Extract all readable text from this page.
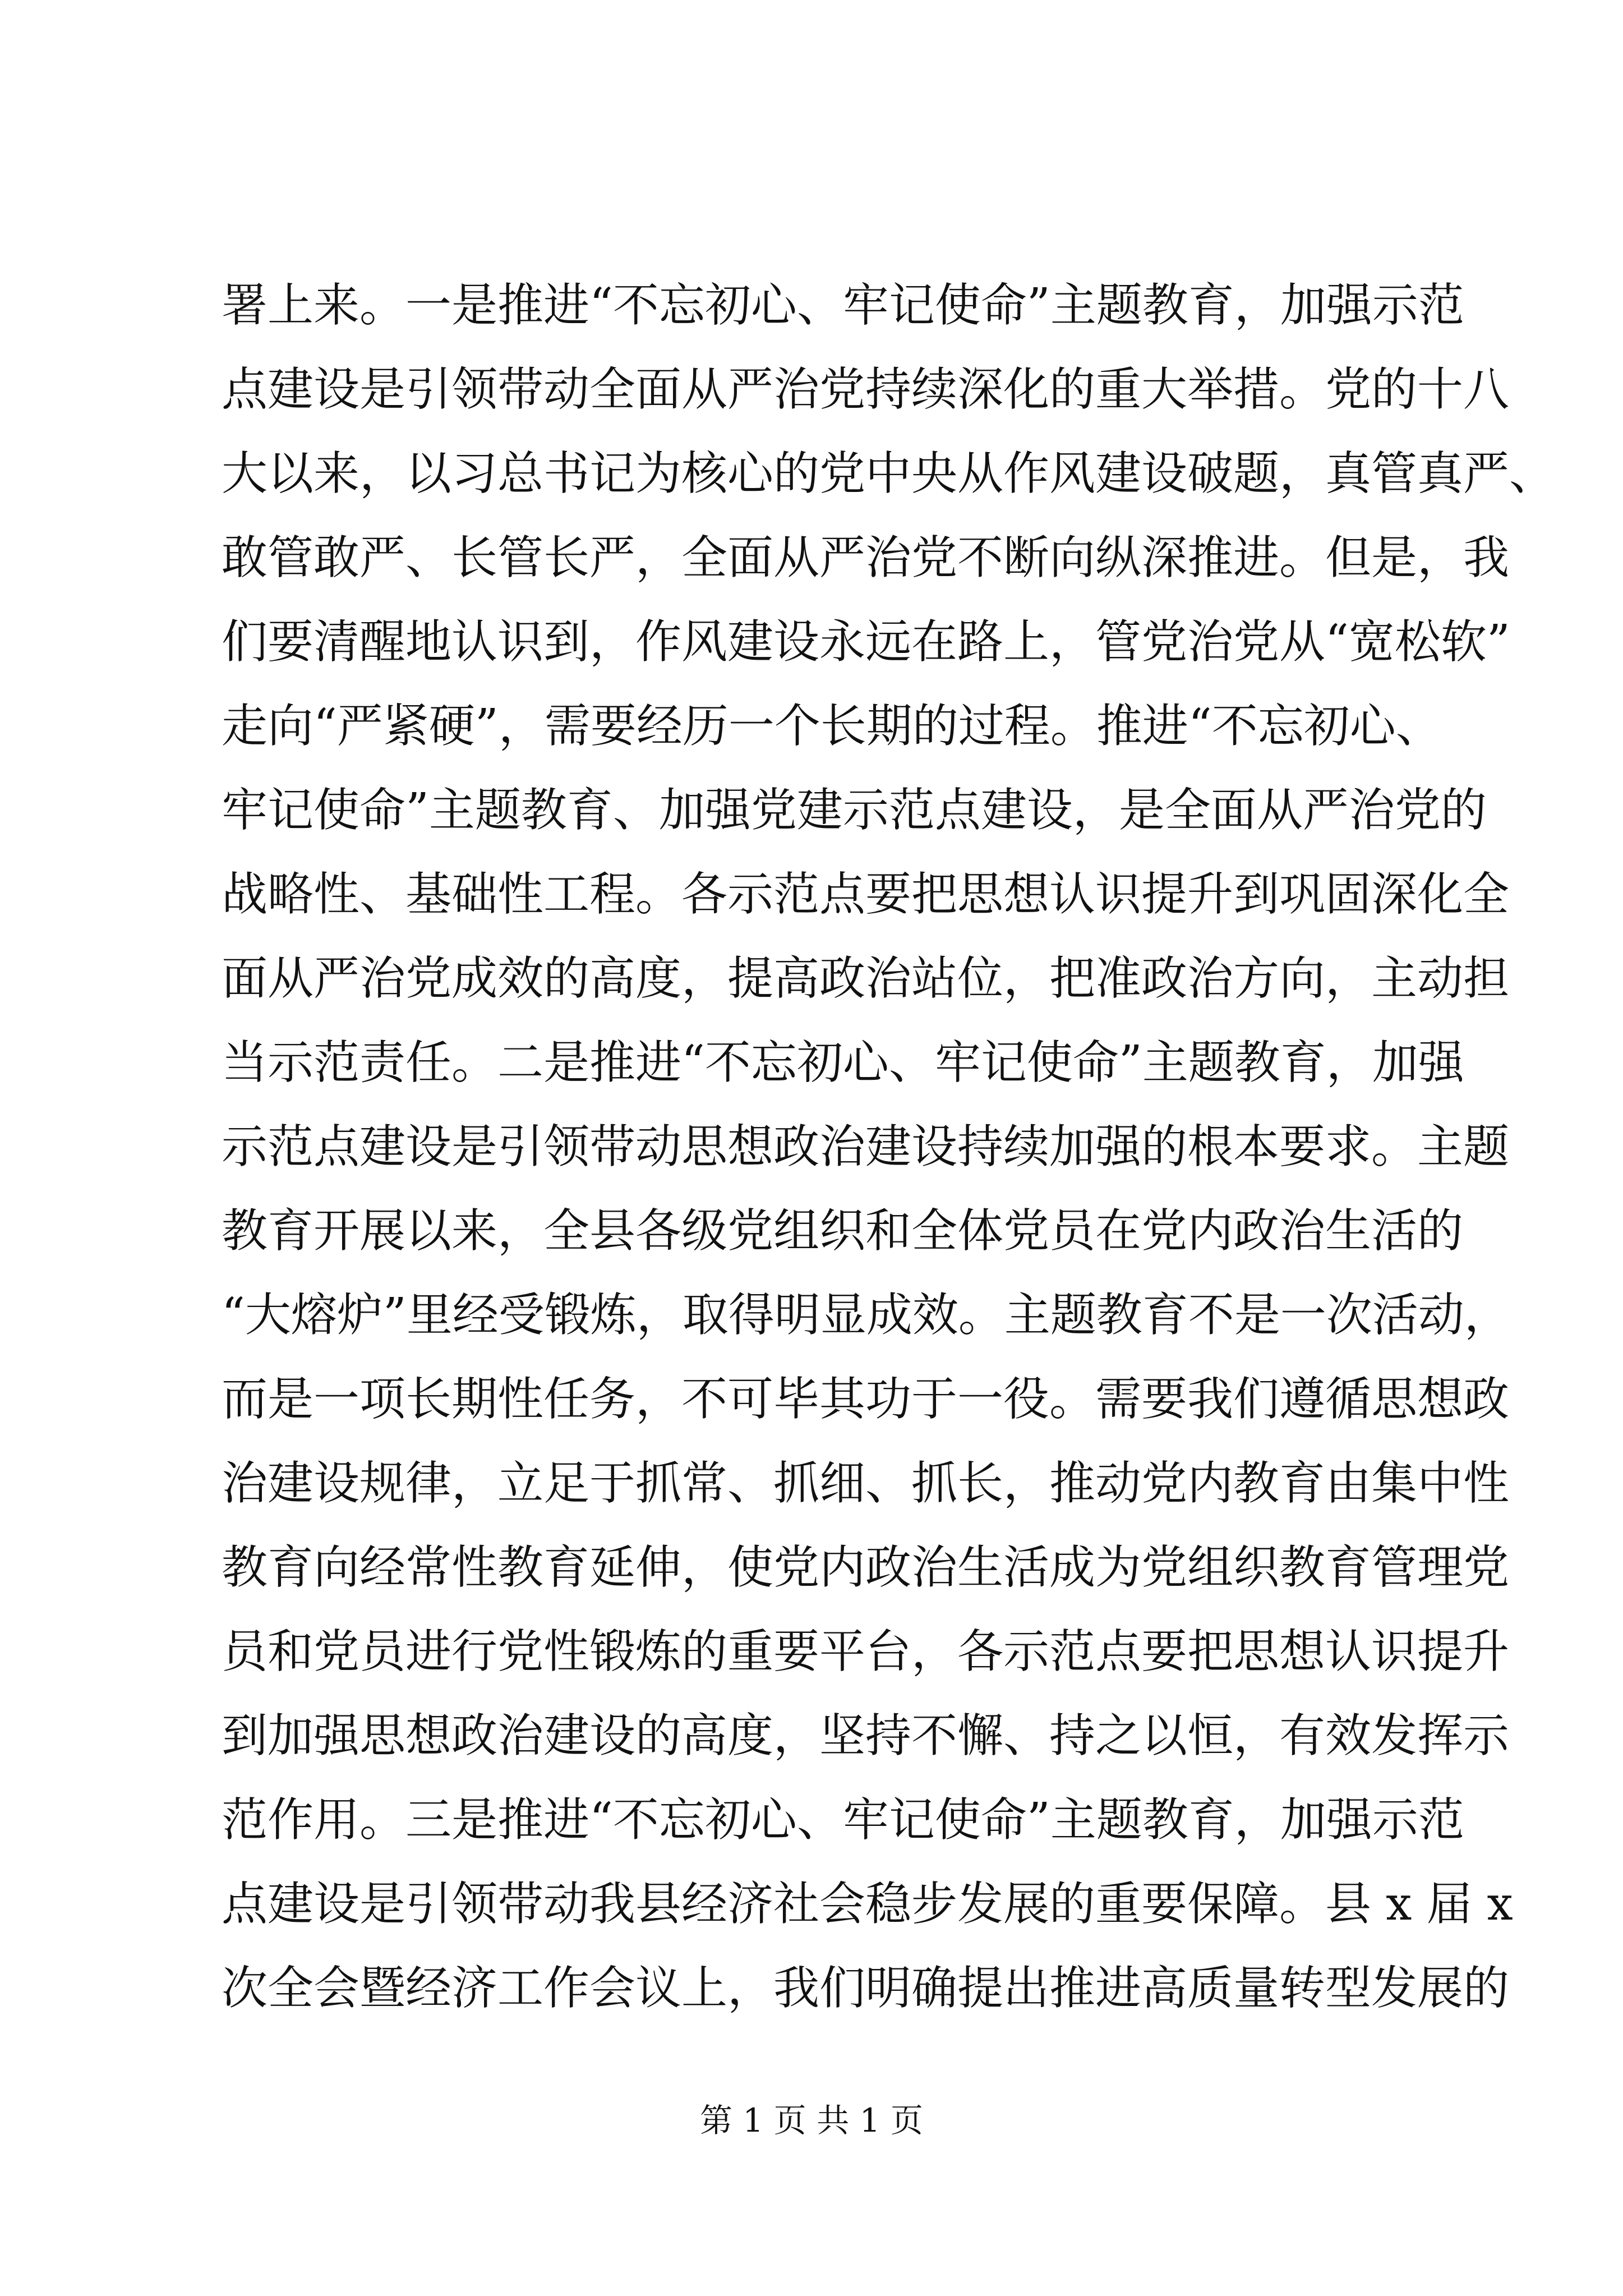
署上来。一是推进“不忘初心、牢记使命”主题教育，加强示范
点建设是引领带动全面从严治党持续深化的重大举措。党的十八
大以来，以习总书记为核心的党中央从作风建设破题，真管真严、
敢管敢严、长管长严，全面从严治党不断向纵深推进。但是，我
们要清醒地认识到，作风建设永远在路上，管党治党从“宽松软”
走向“严紧硬”，需要经历一个长期的过程。推进“不忘初心、
牢记使命”主题教育、加强党建示范点建设，是全面从严治党的
战略性、基础性工程。各示范点要把思想认识提升到巩固深化全
面从严治党成效的高度，提高政治站位，把准政治方向，主动担
当示范责任。二是推进“不忘初心、牢记使命”主题教育，加强
示范点建设是引领带动思想政治建设持续加强的根本要求。主题
教育开展以来，全县各级党组织和全体党员在党内政治生活的
“大熔炉”里经受锻炼，取得明显成效。主题教育不是一次活动，
而是一项长期性任务，不可毕其功于一役。需要我们遵循思想政
治建设规律，立足于抓常、抓细、抓长，推动党内教育由集中性
教育向经常性教育延伸，使党内政治生活成为党组织教育管理党
员和党员进行党性锻炼的重要平台，各示范点要把思想认识提升
到加强思想政治建设的高度，坚持不懈、持之以恒，有效发挥示
范作用。三是推进“不忘初心、牢记使命”主题教育，加强示范
点建设是引领带动我县经济社会稳步发展的重要保障。县 x 届 x
次全会暨经济工作会议上，我们明确提出推进高质量转型发展的
第 1 页 共 1 页
